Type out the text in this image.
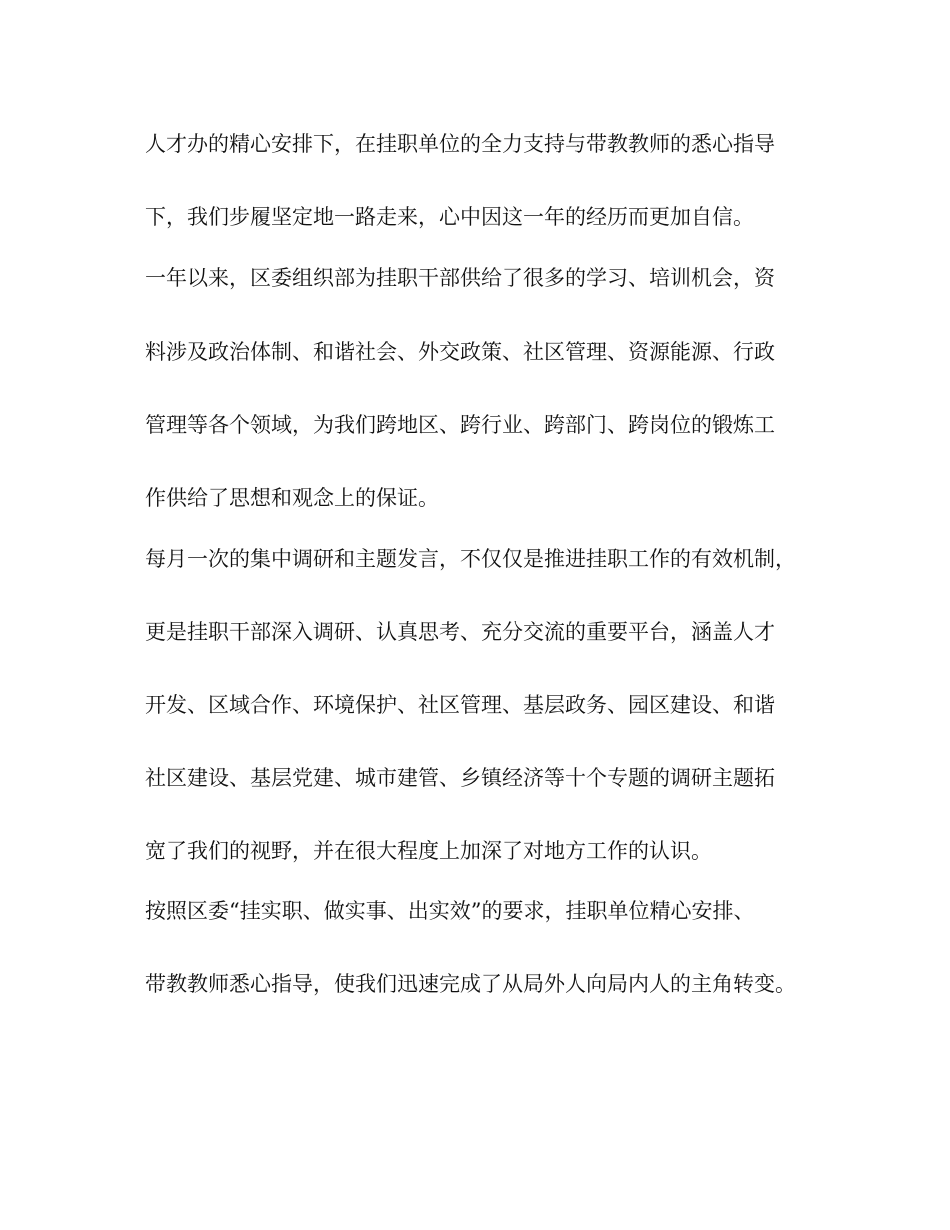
人才办的精心安排下，在挂职单位的全力支持与带教教师的悉心指导
下，我们步履坚定地一路走来，心中因这一年的经历而更加自信。
一年以来，区委组织部为挂职干部供给了很多的学习、培训机会，资
料涉及政治体制、和谐社会、外交政策、社区管理、资源能源、行政
管理等各个领域，为我们跨地区、跨行业、跨部门、跨岗位的锻炼工
作供给了思想和观念上的保证。
每月一次的集中调研和主题发言，不仅仅是推进挂职工作的有效机制，
更是挂职干部深入调研、认真思考、充分交流的重要平台，涵盖人才
开发、区域合作、环境保护、社区管理、基层政务、园区建设、和谐
社区建设、基层党建、城市建管、乡镇经济等十个专题的调研主题拓
宽了我们的视野，并在很大程度上加深了对地方工作的认识。
按照区委“挂实职、做实事、出实效”的要求，挂职单位精心安排、
带教教师悉心指导，使我们迅速完成了从局外人向局内人的主角转变。
